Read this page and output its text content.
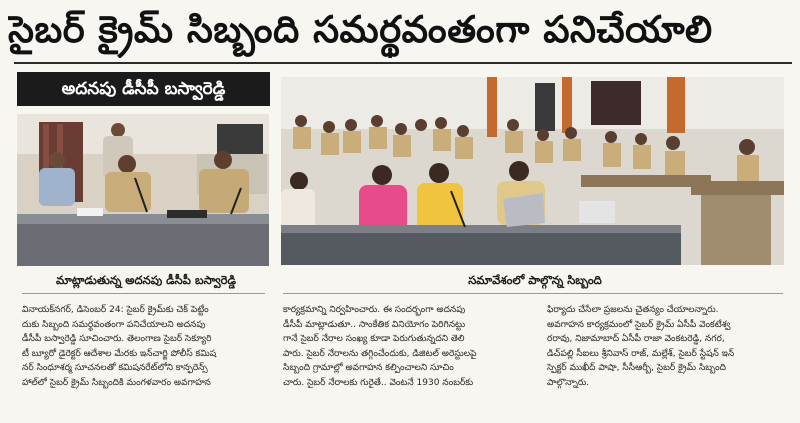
సైబర్ క్రైమ్ సిబ్బంది సమర్థవంతంగా పనిచేయాలి
అదనపు డీసీపీ బస్వారెడ్డి
మాట్లాడుతున్న అదనపు డీసీపీ బస్వారెడ్డి	సమావేశంలో పాల్గొన్న సిబ్బంది
వినాయక్‌నగర్, డిసెంబర్ 24: సైబర్ క్రైమ్‌కు చెక్ పెట్టేం
దుకు సిబ్బంది సమర్థవంతంగా పనిచేయాలని అదనపు
డీసీపీ బస్వారెడ్డి సూచించారు. తెలంగాణ సైబర్ సెక్యూరి
టీ బ్యూరో డైరెక్టర్ ఆదేశాల మేరకు ఇన్‌చార్జి పోలీస్ కమిష
నర్ సింధూశర్మ సూచనలతో కమిషనరేట్‌లోని కాన్ఫరెన్స్
హాల్‌లో సైబర్ క్రైమ్ సిబ్బందికి మంగళవారం అవగాహన
కార్యక్రమాన్ని నిర్వహించారు. ఈ సందర్భంగా అదనపు
డీసీపీ మాట్లాడుతూ.. సాంకేతిక వినియోగం పెరిగినట్టు
గానే సైబర్ నేరాల సంఖ్య కూడా పెరుగుతున్నదని తెలి
పారు. సైబర్ నేరాలను తగ్గించేందుకు, డిజిటల్ అరెస్టులపై
సిబ్బంది గ్రామాల్లో అవగాహన కల్పించాలని సూచిం
చారు. సైబర్ నేరాలకు గురైతే.. వెంటనే 1930 నంబర్‌కు
ఫిర్యాదు చేసేలా ప్రజలను చైతన్యం చేయాలన్నారు.
అవగాహన కార్యక్రమంలో సైబర్ క్రైమ్ ఏసీపీ వెంకటేశ్వ
రరావు, నిజామాబాద్ ఏసీపీ రాజా వెంకటరెడ్డి, నగర,
డిచ్‌పల్లి సీఐలు శ్రీనివాస్ రాజ్, మల్లేశ్, సైబర్ స్టేషన్ ఇన్
స్పెక్టర్ ముఖీద్ పాషా, సీసీఆర్బీ, సైబర్ క్రైమ్ సిబ్బంది
పాల్గొన్నారు.
